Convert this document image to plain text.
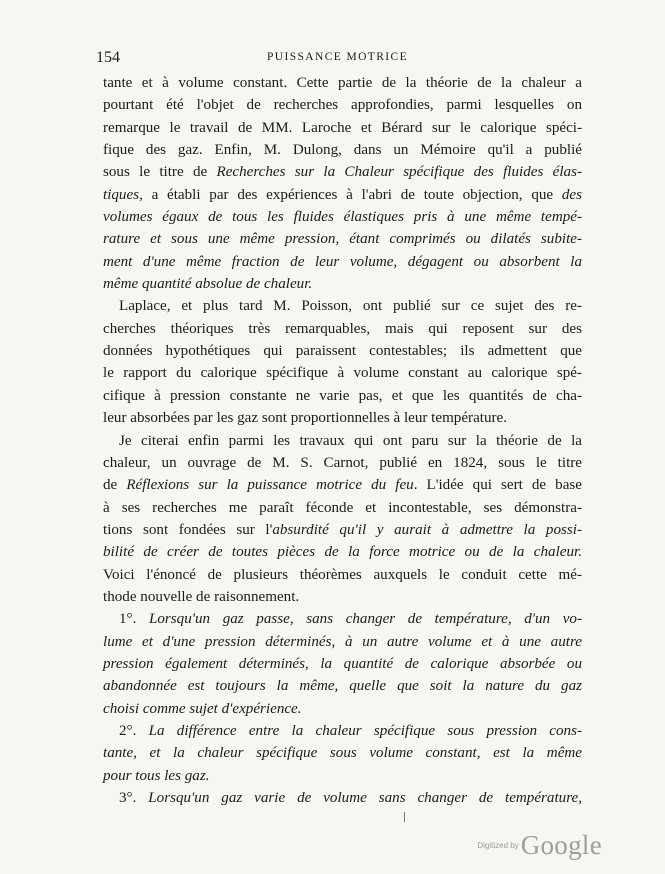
154	PUISSANCE MOTRICE
tante et à volume constant. Cette partie de la théorie de la chaleur a
pourtant été l'objet de recherches approfondies, parmi lesquelles on
remarque le travail de MM. Laroche et Bérard sur le calorique spéci-
fique des gaz. Enfin, M. Dulong, dans un Mémoire qu'il a publié
sous le titre de Recherches sur la Chaleur spécifique des fluides élas-
tiques, a établi par des expériences à l'abri de toute objection, que des
volumes égaux de tous les fluides élastiques pris à une même tempé-
rature et sous une même pression, étant comprimés ou dilatés subite-
ment d'une même fraction de leur volume, dégagent ou absorbent la
même quantité absolue de chaleur.
Laplace, et plus tard M. Poisson, ont publié sur ce sujet des re-
cherches théoriques très remarquables, mais qui reposent sur des
données hypothétiques qui paraissent contestables; ils admettent que
le rapport du calorique spécifique à volume constant au calorique spé-
cifique à pression constante ne varie pas, et que les quantités de cha-
leur absorbées par les gaz sont proportionnelles à leur température.
Je citerai enfin parmi les travaux qui ont paru sur la théorie de la
chaleur, un ouvrage de M. S. Carnot, publié en 1824, sous le titre
de Réflexions sur la puissance motrice du feu. L'idée qui sert de base
à ses recherches me paraît féconde et incontestable, ses démonstra-
tions sont fondées sur l'absurdité qu'il y aurait à admettre la possi-
bilité de créer de toutes pièces de la force motrice ou de la chaleur.
Voici l'énoncé de plusieurs théorèmes auxquels le conduit cette mé-
thode nouvelle de raisonnement.
1°. Lorsqu'un gaz passe, sans changer de température, d'un vo-
lume et d'une pression déterminés, à un autre volume et à une autre
pression également déterminés, la quantité de calorique absorbée ou
abandonnée est toujours la même, quelle que soit la nature du gaz
choisi comme sujet d'expérience.
2°. La différence entre la chaleur spécifique sous pression cons-
tante, et la chaleur spécifique sous volume constant, est la même
pour tous les gaz.
3°. Lorsqu'un gaz varie de volume sans changer de température,
Digitized byGoogle
